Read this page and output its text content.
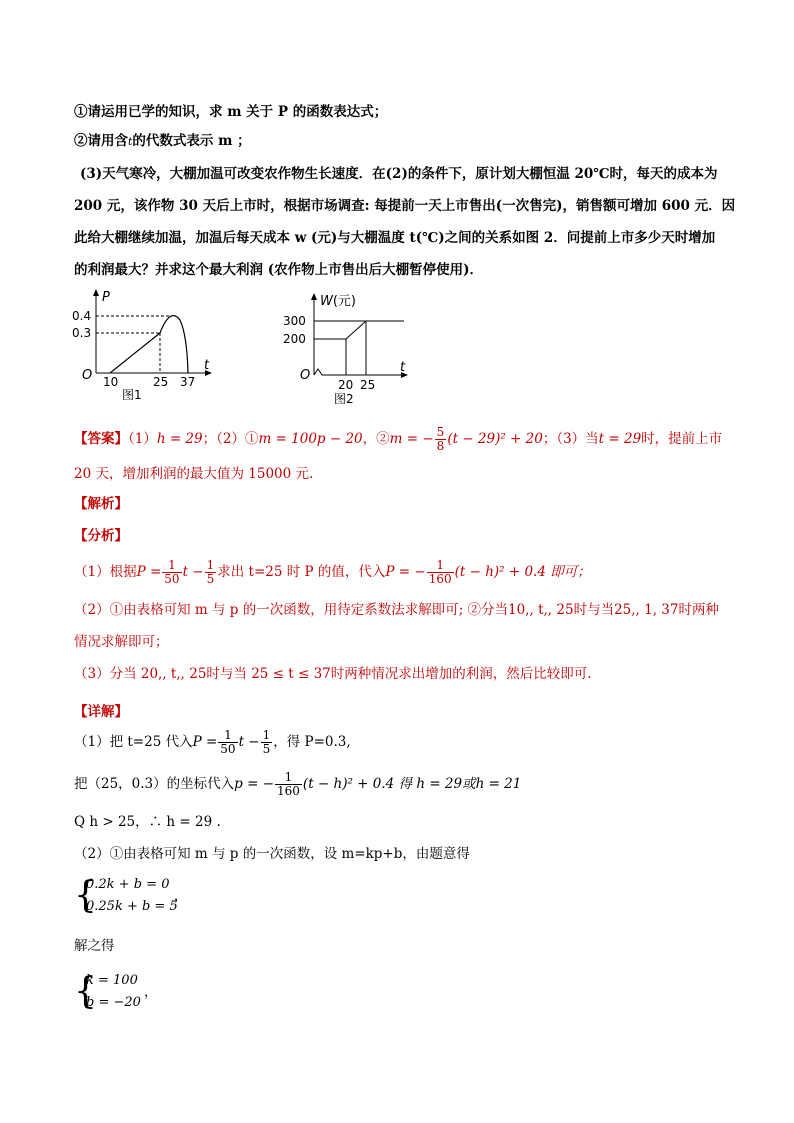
①请运用已学的知识，求 m 关于 P 的函数表达式；
②请用含t的代数式表示 m ；
(3)天气寒冷，大棚加温可改变农作物生长速度．在(2)的条件下，原计划大棚恒温 20℃时，每天的成本为
200 元，该作物 30 天后上市时，根据市场调查: 每提前一天上市售出(一次售完)，销售额可增加 600 元．因
此给大棚继续加温，加温后每天成本 w (元)与大棚温度 t(℃)之间的关系如图 2．问提前上市多少天时增加
的利润最大？并求这个最大利润 (农作物上市售出后大棚暂停使用)．
P
t
O
0.4
0.3
10	25 37
图1
W(元)
t
O
300
200
20 25
图2
【答案】（1）h = 29；（2）①m = 100p − 20，②m = − $\frac{5}{8} (t - 29)^2 + 20$；（3）当t = 29时，提前上市
20 天，增加利润的最大值为 15000 元.
【解析】
【分析】
（1）根据$P = \frac{1}{50}$ $t - \frac{1}{5}$ 求出 t=25 时 P 的值，代入P = − $\frac{1}{160} (t - h)^2 + 0.4$ 即可；
（2）①由表格可知 m 与 p 的一次函数，用待定系数法求解即可; ②分当10,, t,, 25时与当25,, 1, 37时两种
情况求解即可；
（3）分当 20,, t,, 25时与当 25 ≤ t ≤ 37时两种情况求出增加的利润，然后比较即可.
【详解】
（1）把 t=25 代入$P = \frac{1}{50}$ $t - \frac{1}{5}$ ，得 P=0.3,
把（25，0.3）的坐标代入p = − $\frac{1}{160} (t - h)^2 + 0.4$ 得 h = 29或h = 21
Q h > 25，∴ h = 29 .
（2）①由表格可知 m 与 p 的一次函数，设 m=kp+b，由题意得
{
0.2k + b = 0
0.25k + b = 5
，
解之得
{
k = 100
b = −20
，
